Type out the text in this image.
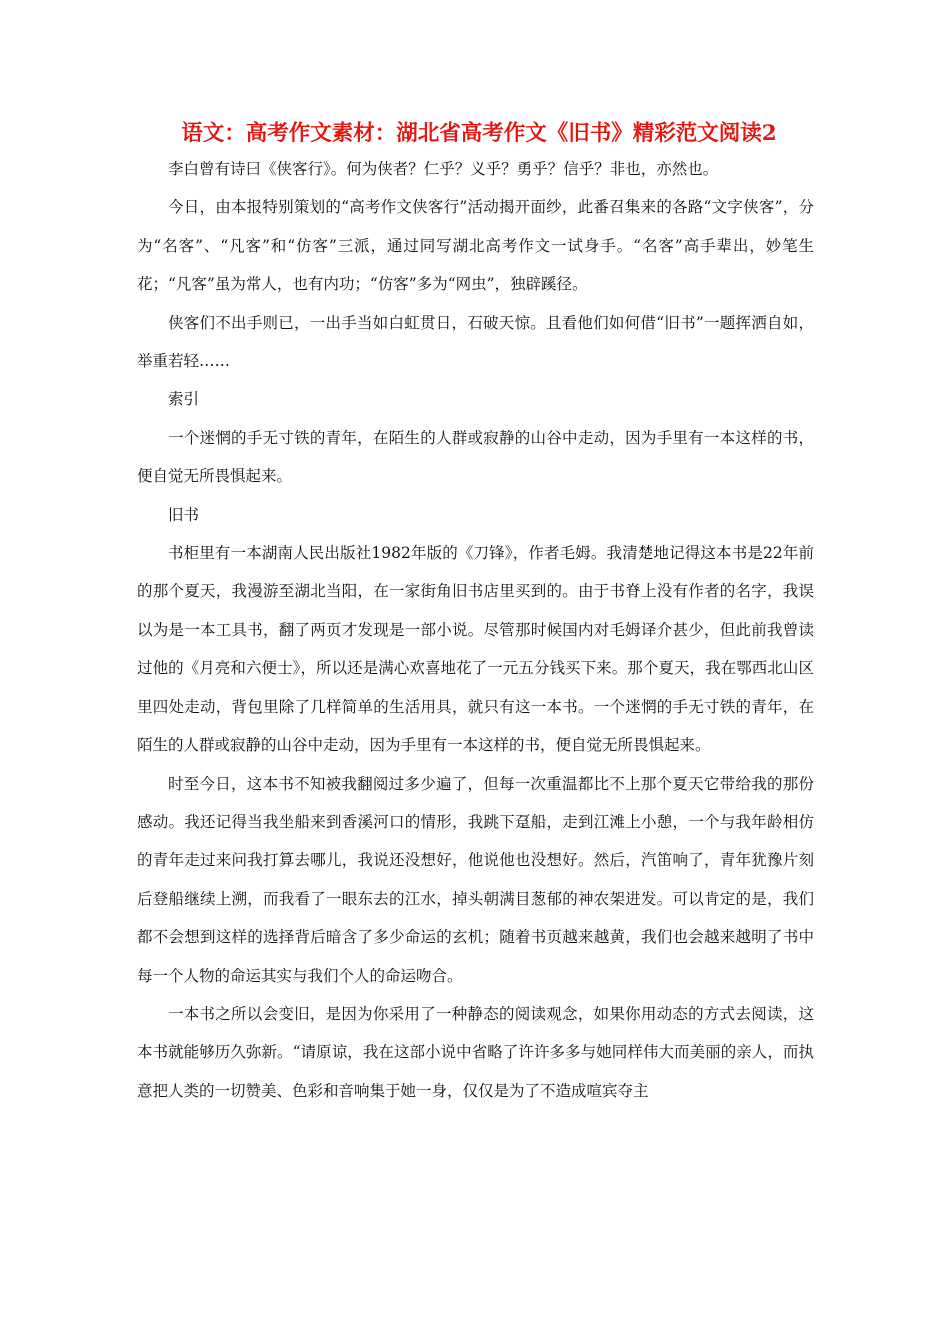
语文：高考作文素材：湖北省高考作文《旧书》精彩范文阅读2

李白曾有诗曰《侠客行》。何为侠者？仁乎？义乎？勇乎？信乎？非也，亦然也。

今日，由本报特别策划的“高考作文侠客行”活动揭开面纱，此番召集来的各路“文字侠客”，分为“名客”、“凡客”和“仿客”三派，通过同写湖北高考作文一试身手。“名客”高手辈出，妙笔生花；“凡客”虽为常人，也有内功；“仿客”多为“网虫”，独辟蹊径。

侠客们不出手则已，一出手当如白虹贯日，石破天惊。且看他们如何借“旧书”一题挥洒自如，举重若轻……

索引

一个迷惘的手无寸铁的青年，在陌生的人群或寂静的山谷中走动，因为手里有一本这样的书，便自觉无所畏惧起来。

旧书

书柜里有一本湖南人民出版社1982年版的《刀锋》，作者毛姆。我清楚地记得这本书是22年前的那个夏天，我漫游至湖北当阳，在一家街角旧书店里买到的。由于书脊上没有作者的名字，我误以为是一本工具书，翻了两页才发现是一部小说。尽管那时候国内对毛姆译介甚少，但此前我曾读过他的《月亮和六便士》，所以还是满心欢喜地花了一元五分钱买下来。那个夏天，我在鄂西北山区里四处走动，背包里除了几样简单的生活用具，就只有这一本书。一个迷惘的手无寸铁的青年，在陌生的人群或寂静的山谷中走动，因为手里有一本这样的书，便自觉无所畏惧起来。

时至今日，这本书不知被我翻阅过多少遍了，但每一次重温都比不上那个夏天它带给我的那份感动。我还记得当我坐船来到香溪河口的情形，我跳下趸船，走到江滩上小憩，一个与我年龄相仿的青年走过来问我打算去哪儿，我说还没想好，他说他也没想好。然后，汽笛响了，青年犹豫片刻后登船继续上溯，而我看了一眼东去的江水，掉头朝满目葱郁的神农架进发。可以肯定的是，我们都不会想到这样的选择背后暗含了多少命运的玄机；随着书页越来越黄，我们也会越来越明了书中每一个人物的命运其实与我们个人的命运吻合。

一本书之所以会变旧，是因为你采用了一种静态的阅读观念，如果你用动态的方式去阅读，这本书就能够历久弥新。“请原谅，我在这部小说中省略了许许多多与她同样伟大而美丽的亲人，而执意把人类的一切赞美、色彩和音响集于她一身，仅仅是为了不造成喧宾夺主
